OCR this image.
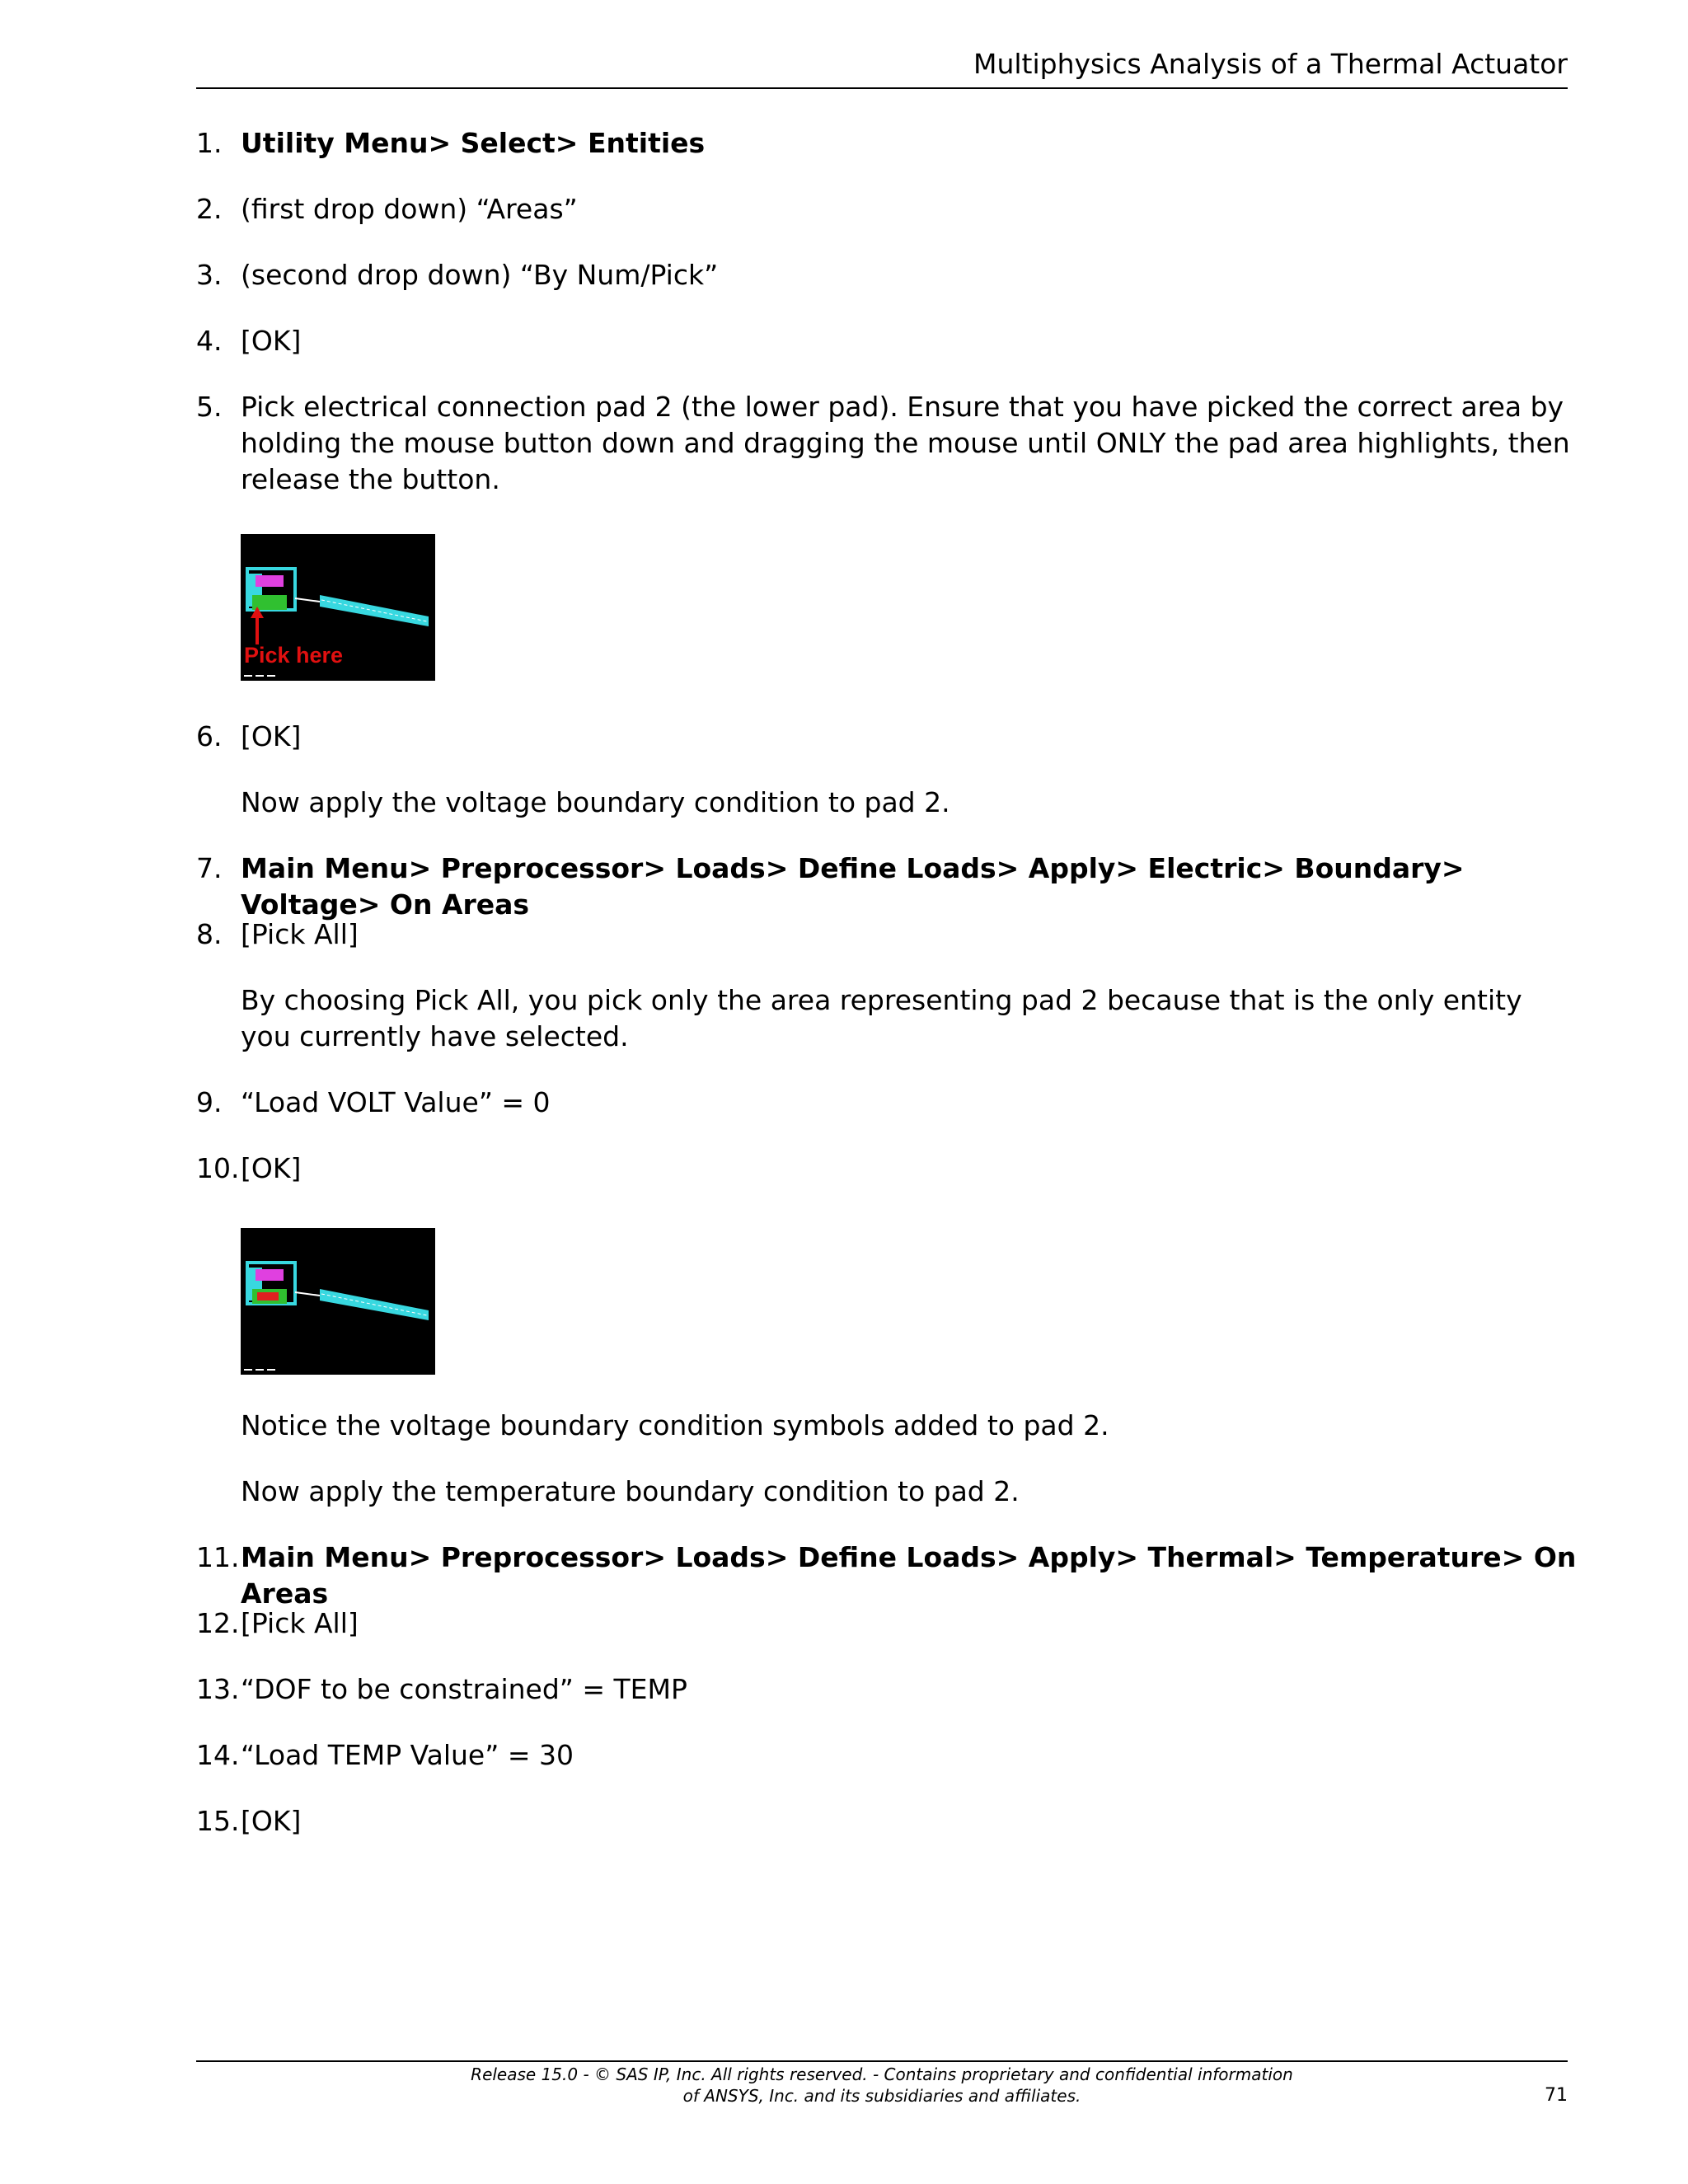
Multiphysics Analysis of a Thermal Actuator
1. Utility Menu> Select> Entities
2. (first drop down) “Areas”
3. (second drop down) “By Num/Pick”
4. [OK]
5. Pick electrical connection pad 2 (the lower pad). Ensure that you have picked the correct area by holding the mouse button down and dragging the mouse until ONLY the pad area highlights, then release the button.
Pick here
6. [OK]
Now apply the voltage boundary condition to pad 2.
7. Main Menu> Preprocessor> Loads> Define Loads> Apply> Electric> Boundary> Voltage> On Areas
8. [Pick All]
By choosing Pick All, you pick only the area representing pad 2 because that is the only entity you currently have selected.
9. “Load VOLT Value” = 0
10. [OK]
Notice the voltage boundary condition symbols added to pad 2.
Now apply the temperature boundary condition to pad 2.
11. Main Menu> Preprocessor> Loads> Define Loads> Apply> Thermal> Temperature> On Areas
12. [Pick All]
13. “DOF to be constrained” = TEMP
14. “Load TEMP Value” = 30
15. [OK]
Release 15.0 - © SAS IP, Inc. All rights reserved. - Contains proprietary and confidential information
of ANSYS, Inc. and its subsidiaries and affiliates.	71
